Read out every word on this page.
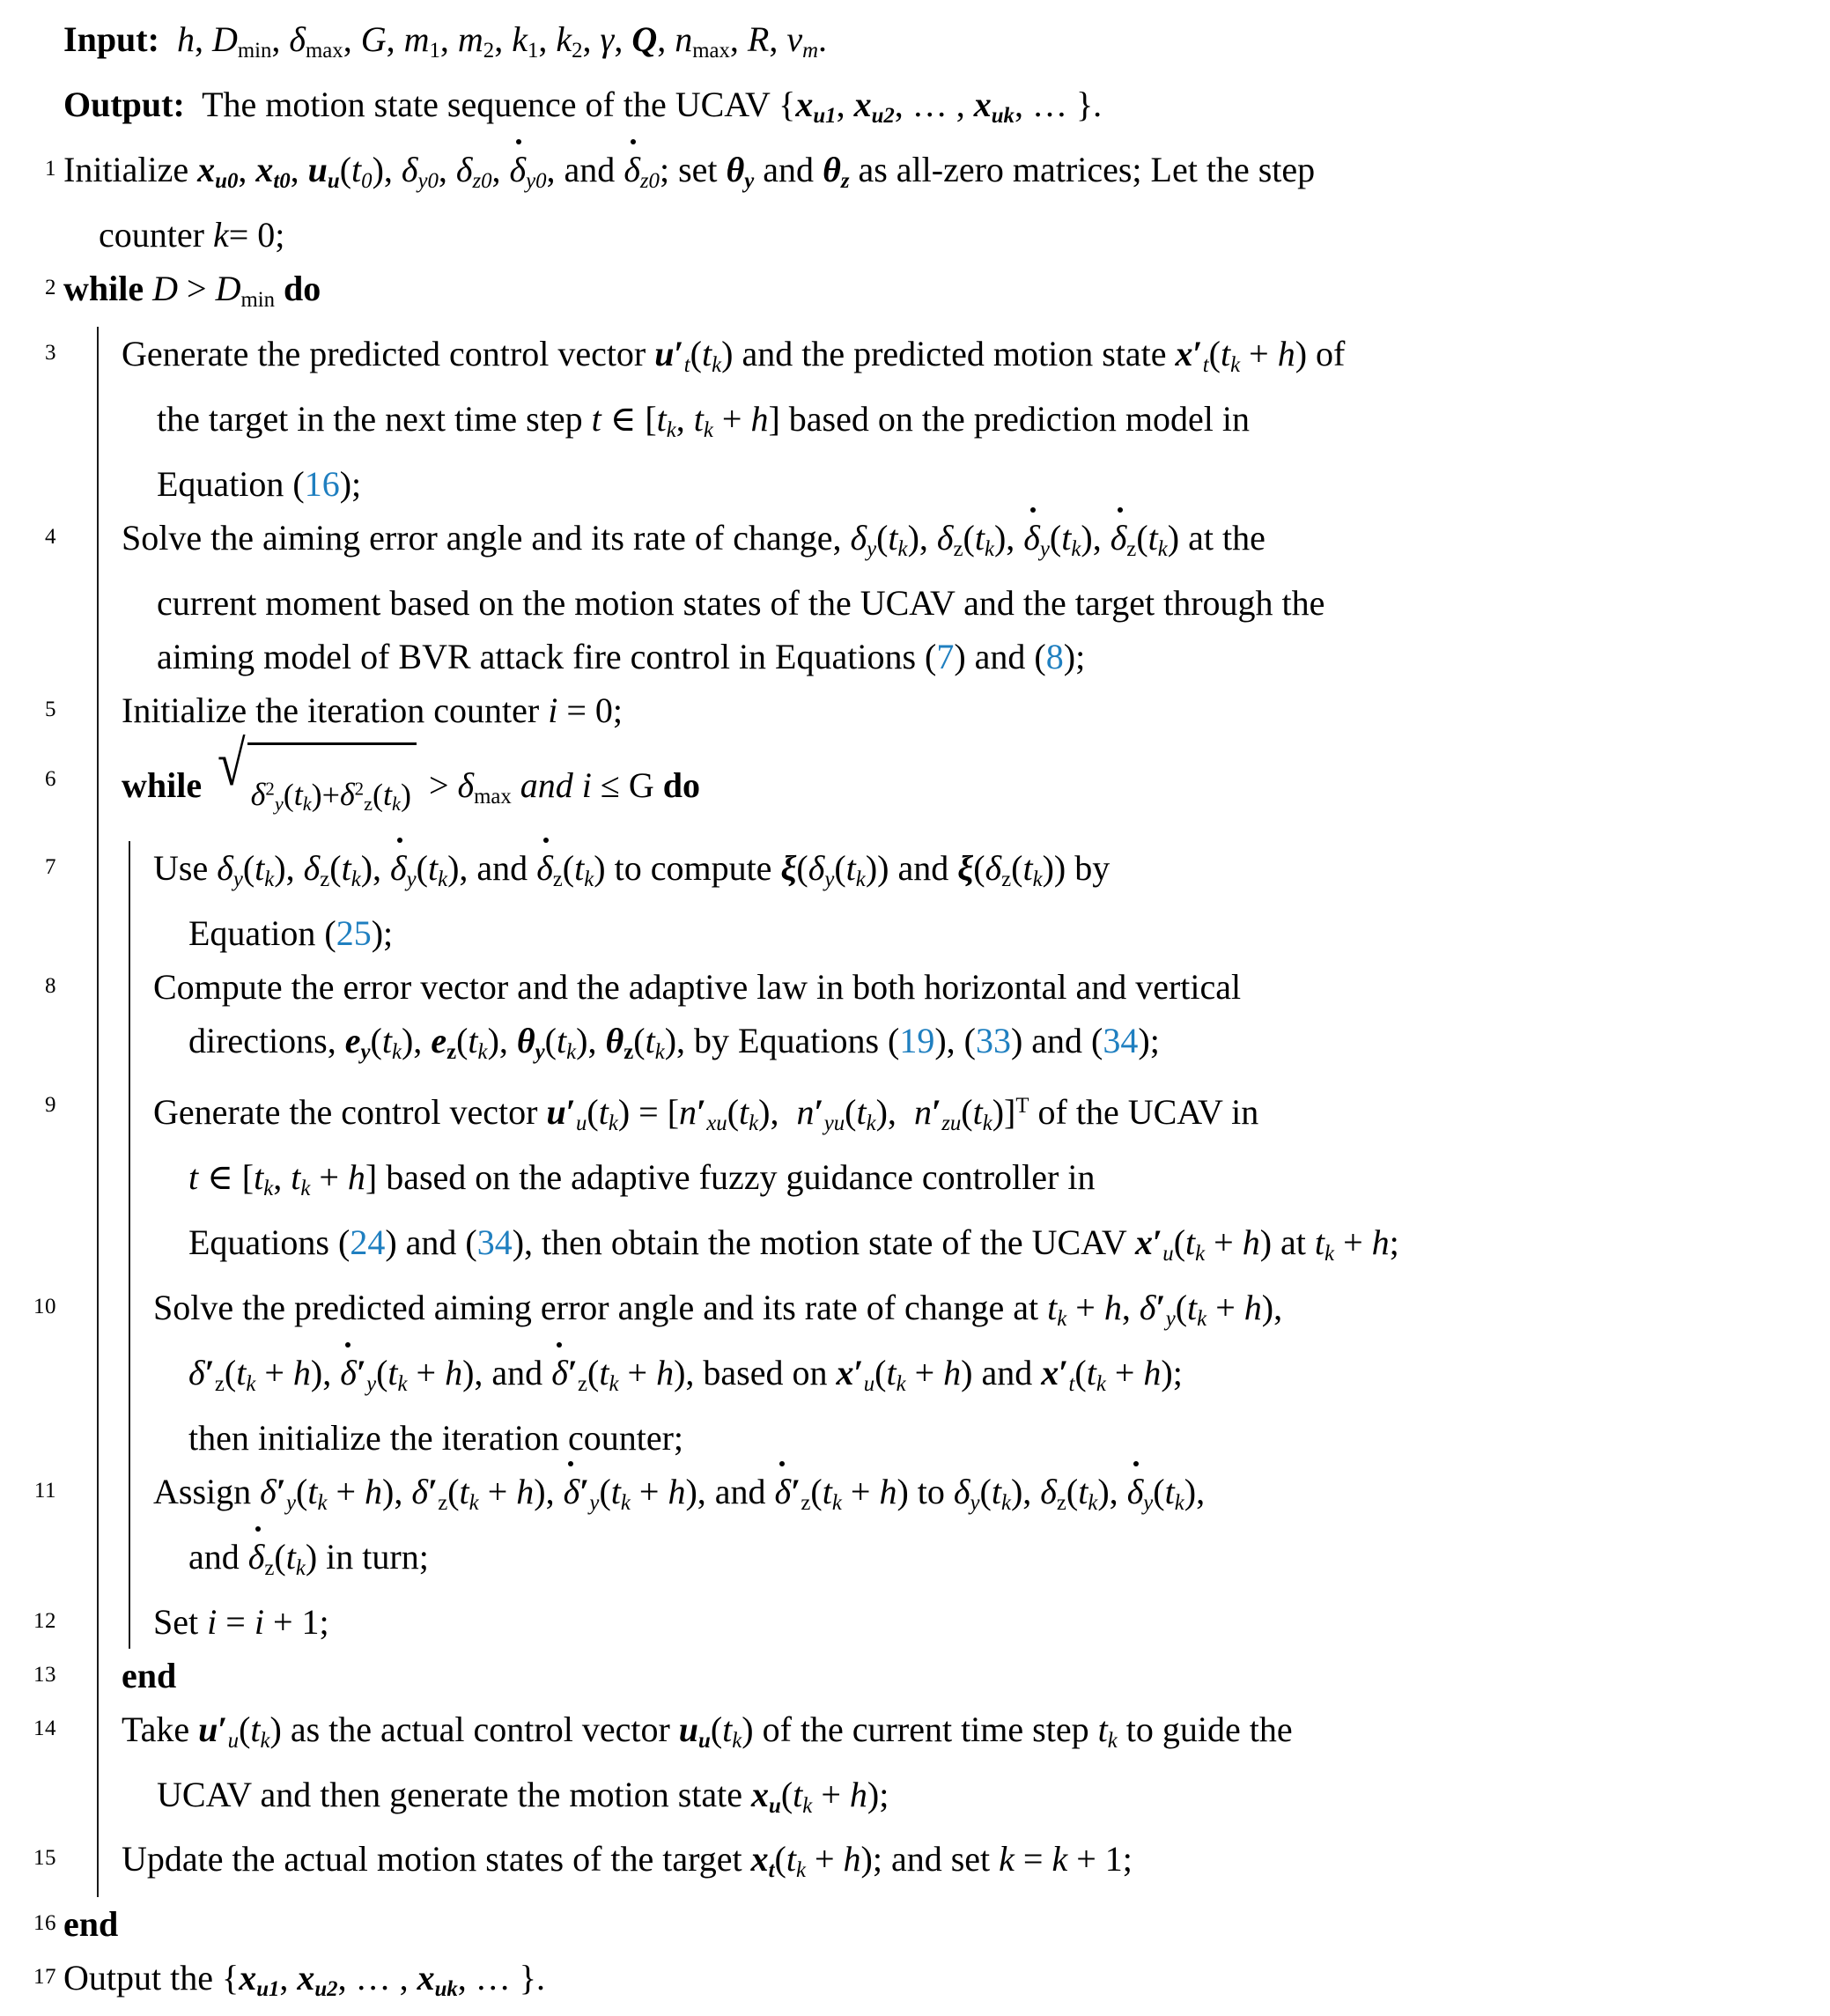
Input: h, $D_{min}$, $\delta_{max}$, G, $m_1$, $m_2$, $k_1$, $k_2$, γ, Q, $n_{max}$, R, $v_m$.
Output: The motion state sequence of the UCAV {$x_{u1}$, $x_{u2}$, … , $x_{uk}$, … }.
1 Initialize $x_{u0}$, $x_{t0}$, $u_u(t_0)$, $\delta_{y0}$, $\delta_{z0}$, $\delta_{y0}$, and $\delta_{z0}$; set $\theta_y$ and $\theta_z$ as all-zero matrices; Let the step
counter k= 0;
2 while $D > D_{min}$ do
3 Generate the predicted control vector $u'_t(t_k)$ and the predicted motion state $x'_t(t_k + h)$ of
the target in the next time step t ∈ [$t_k$, $t_k + h$] based on the prediction model in
Equation (16);
4 Solve the aiming error angle and its rate of change, $\delta_y(t_k)$, $\delta_z(t_k)$, $\delta_y(t_k)$, $\delta_z(t_k)$ at the
current moment based on the motion states of the UCAV and the target through the
aiming model of BVR attack fire control in Equations (7) and (8);
5 Initialize the iteration counter i = 0;
6 while √ $\delta^2_y(t_k)+\delta^2_z(t_k) > \delta_{max}$ and i ≤ G do
7	Use $\delta_y(t_k)$, $\delta_z(t_k)$, $\delta_y(t_k)$, and $\delta_z(t_k)$ to compute $\xi(\delta_y(t_k))$ and $\xi(\delta_z(t_k))$ by
Equation (25);
8	Compute the error vector and the adaptive law in both horizontal and vertical
directions, $e_y(t_k)$, $e_z(t_k)$, $\theta_y(t_k)$, $\theta_z(t_k)$, by Equations (19), (33) and (34);
9	Generate the control vector $u'_u(t_k) = [n'_{xu}(t_k)$,  $n'_{yu}(t_k)$,  $n'_{zu}(t_k)]^T$ of the UCAV in
t ∈ [$t_k$, $t_k + h$] based on the adaptive fuzzy guidance controller in
Equations (24) and (34), then obtain the motion state of the UCAV $x'_u(t_k + h)$ at $t_k + h$;
10	Solve the predicted aiming error angle and its rate of change at $t_k + h$, $\delta'_y(t_k + h)$,
$\delta'_z(t_k + h)$, $\delta'_y(t_k + h)$, and $\delta'_z(t_k + h)$, based on $x'_u(t_k + h)$ and $x'_t(t_k + h)$;
then initialize the iteration counter;
11	Assign $\delta'_y(t_k + h)$, $\delta'_z(t_k + h)$, $\delta'_y(t_k + h)$, and $\delta'_z(t_k + h)$ to $\delta_y(t_k)$, $\delta_z(t_k)$, $\delta_y(t_k)$,
and $\delta_z(t_k)$ in turn;
12	Set i = i + 1;
13 end
14 Take $u'_u(t_k)$ as the actual control vector $u_u(t_k)$ of the current time step $t_k$ to guide the
UCAV and then generate the motion state $x_u(t_k + h)$;
15 Update the actual motion states of the target $x_t(t_k + h)$; and set k = k + 1;
16 end
17 Output the {$x_{u1}$, $x_{u2}$, … , $x_{uk}$, … }.
